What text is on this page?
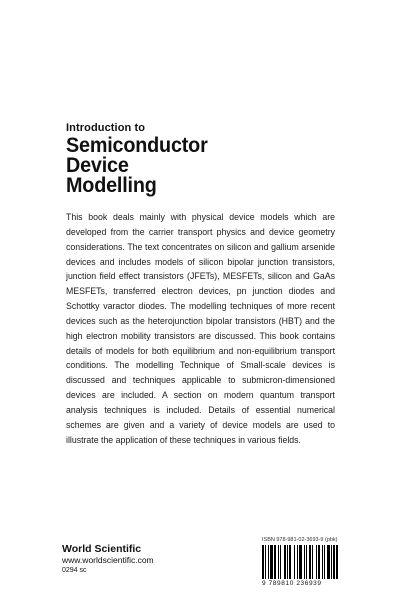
Introduction to
Semiconductor
Device
Modelling
This book deals mainly with physical device models which are developed from the carrier transport physics and device geometry considerations. The text concentrates on silicon and gallium arsenide devices and includes models of silicon bipolar junction transistors, junction field effect transistors (JFETs), MESFETs, silicon and GaAs MESFETs, transferred electron devices, pn junction diodes and Schottky varactor diodes. The modelling techniques of more recent devices such as the heterojunction bipolar transistors (HBT) and the high electron mobility transistors are discussed. This book contains details of models for both equilibrium and non-equilibrium transport conditions. The modelling Technique of Small-scale devices is discussed and techniques applicable to submicron-dimensioned devices are included. A section on modern quantum transport analysis techniques is included. Details of essential numerical schemes are given and a variety of device models are used to illustrate the application of these techniques in various fields.
World Scientific
www.worldscientific.com
0294 sc
ISBN 978-981-02-3693-9 (pbk)
9 789810 236939
